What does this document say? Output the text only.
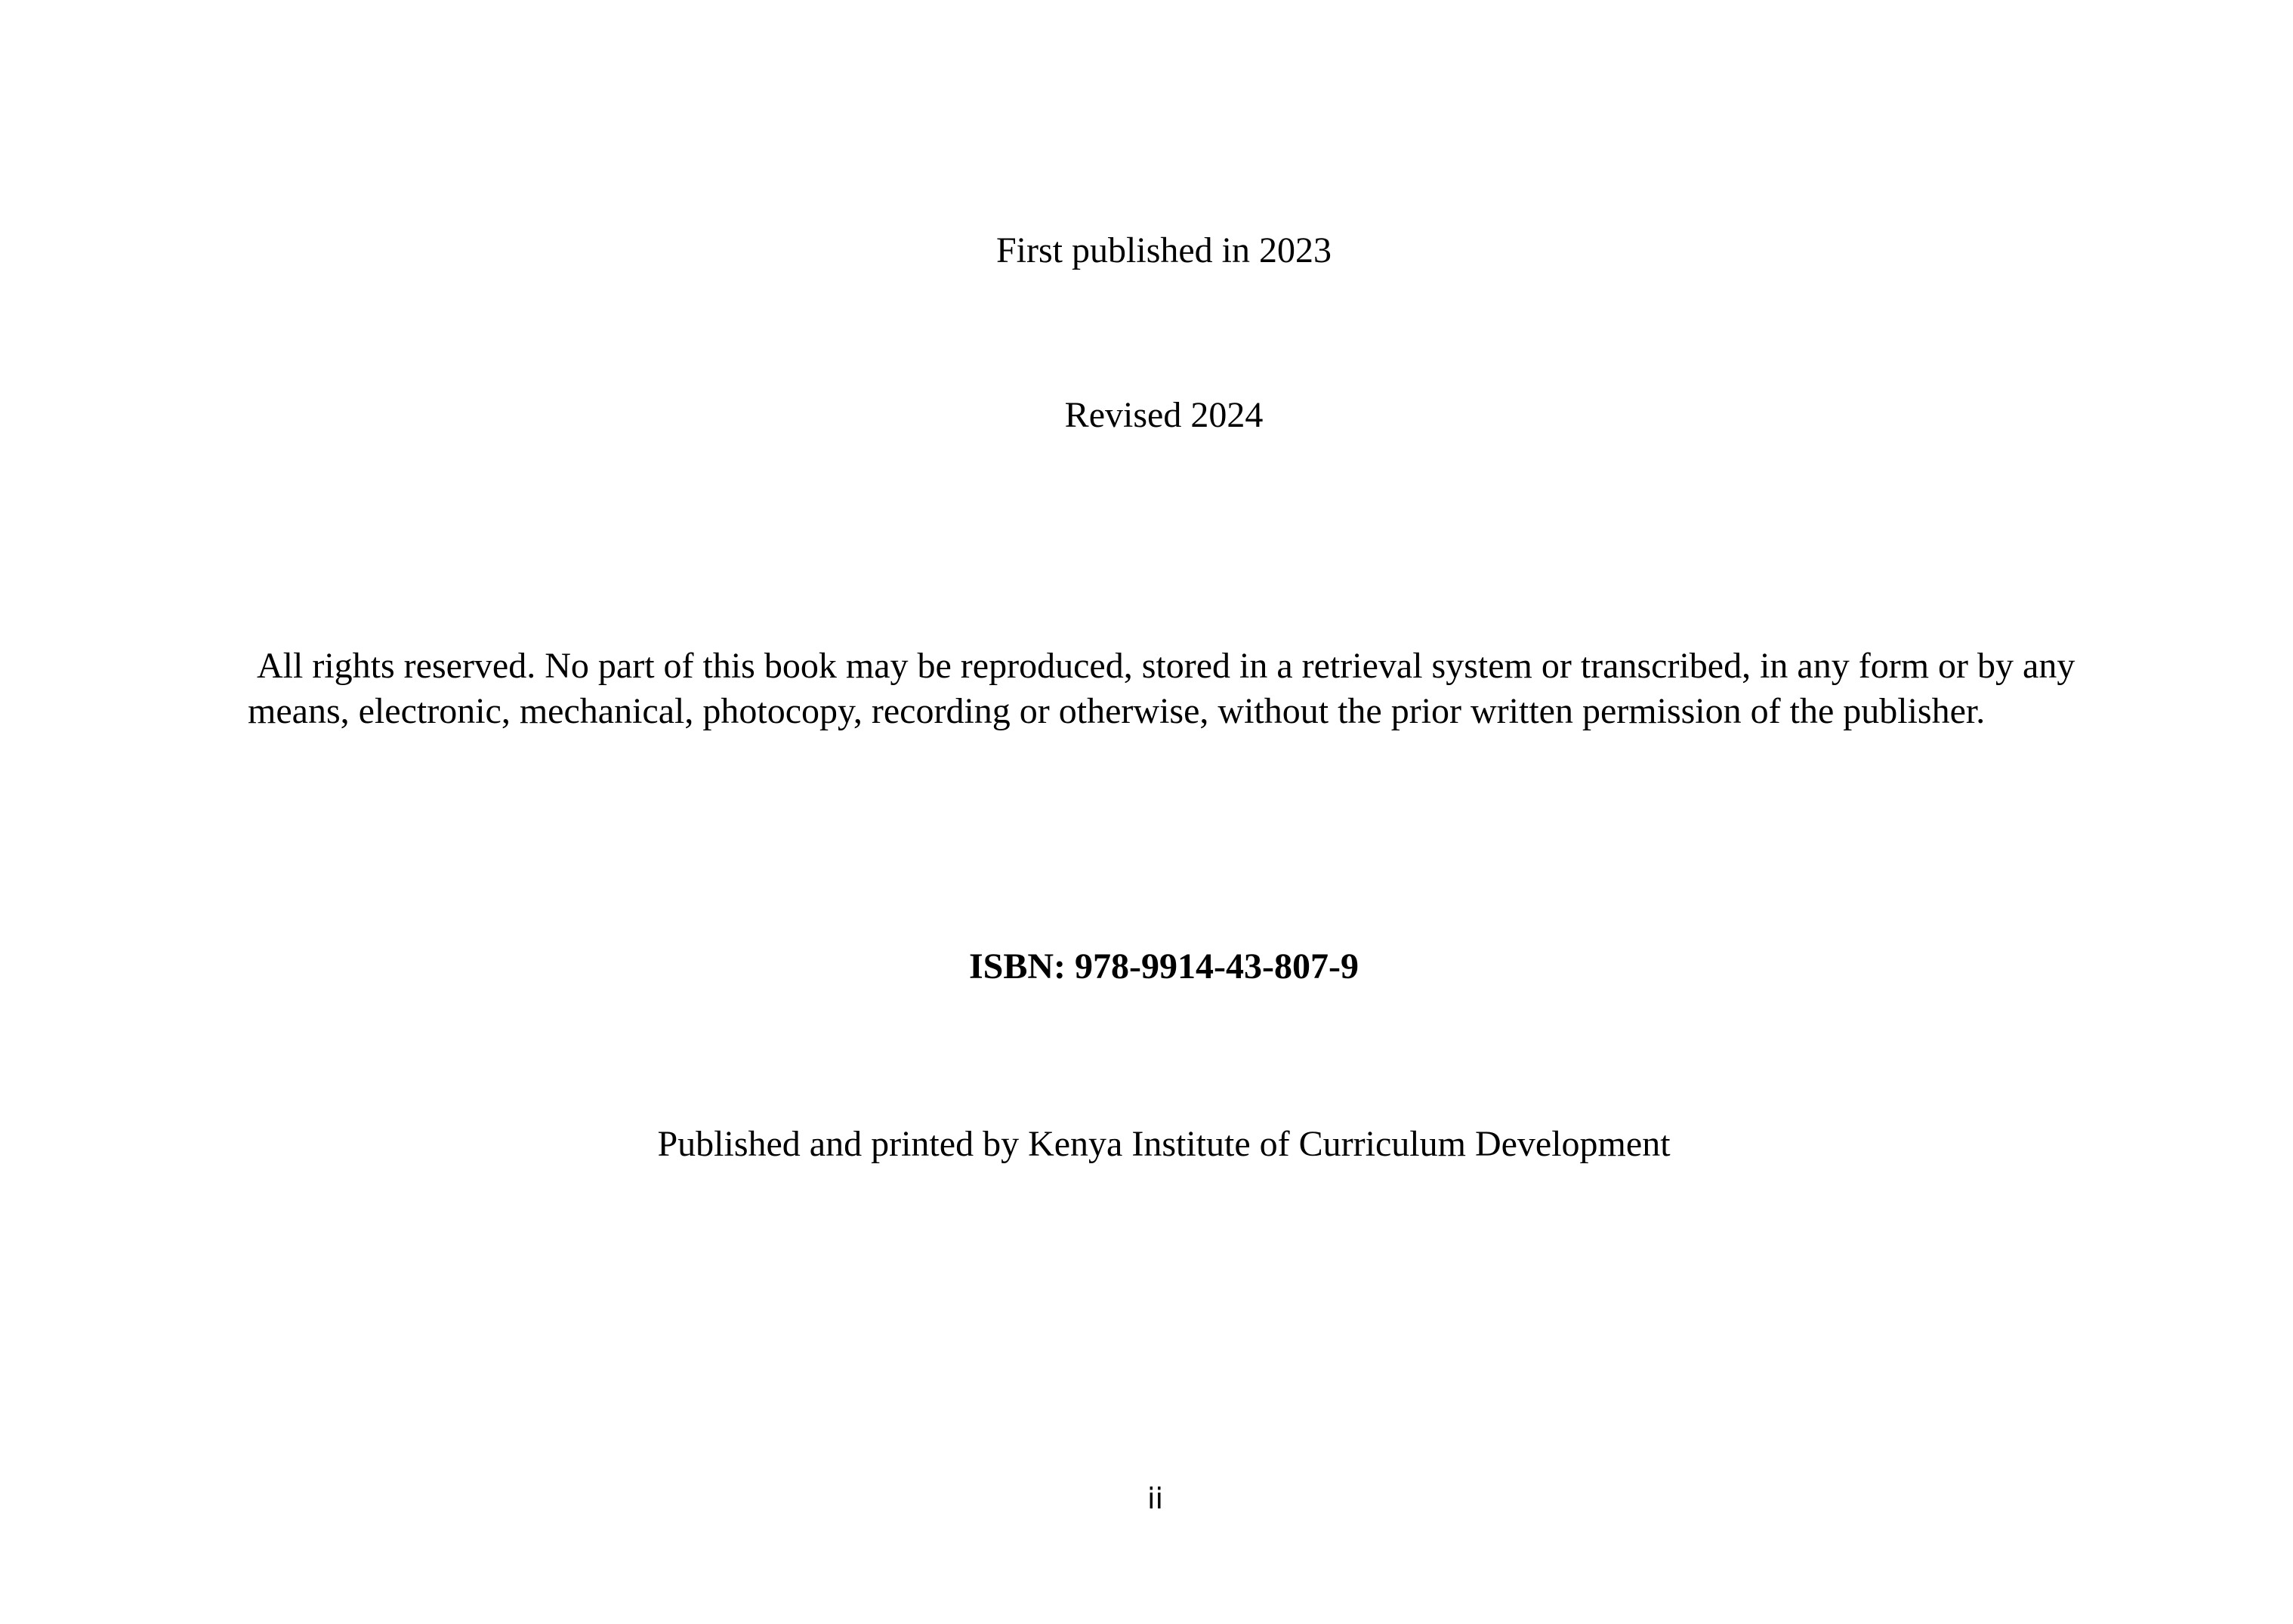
First published in 2023
Revised 2024
All rights reserved. No part of this book may be reproduced, stored in a retrieval system or transcribed, in any form or by any
means, electronic, mechanical, photocopy, recording or otherwise, without the prior written permission of the publisher.
ISBN: 978-9914-43-807-9
Published and printed by Kenya Institute of Curriculum Development
ii
